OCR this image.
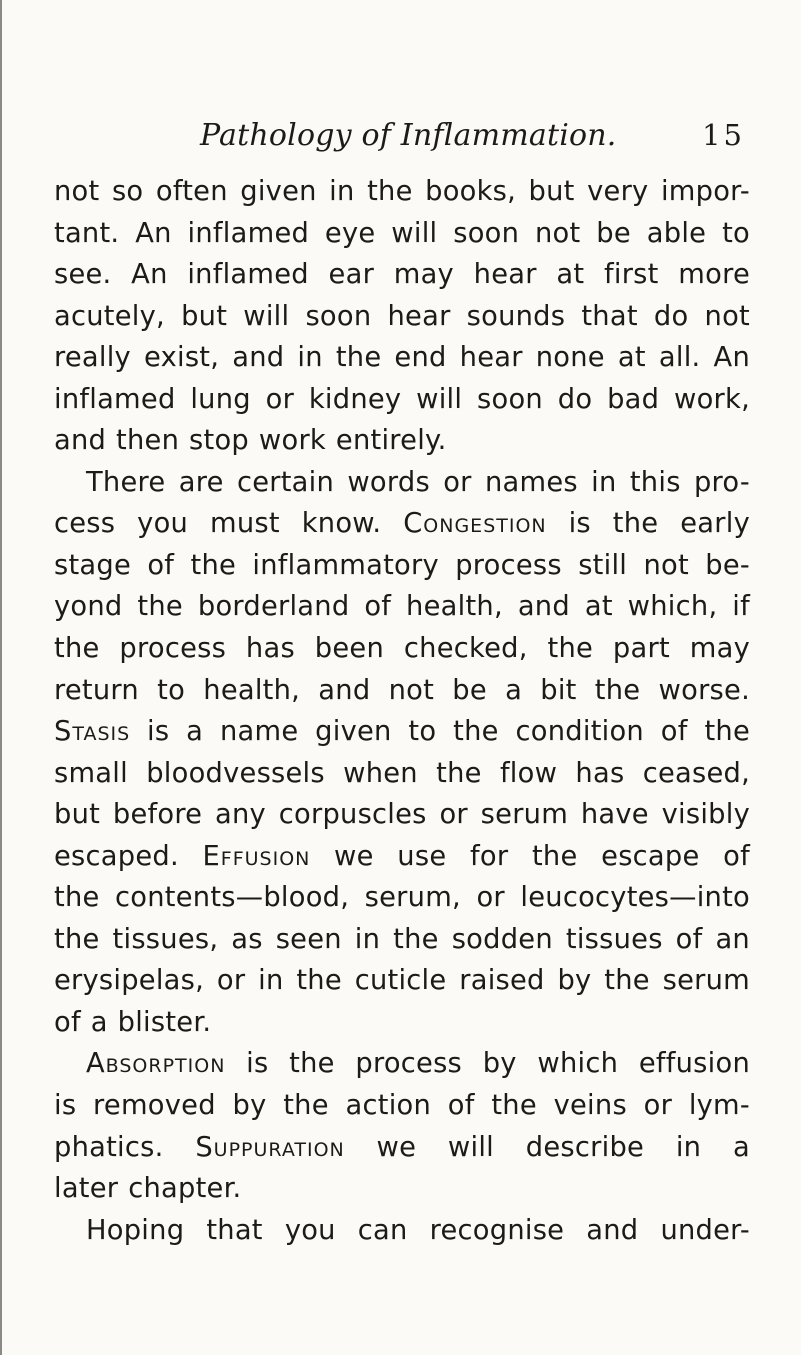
Pathology of Inflammation.	15
not so often given in the books, but very impor-
tant. An inflamed eye will soon not be able to
see. An inflamed ear may hear at first more
acutely, but will soon hear sounds that do not
really exist, and in the end hear none at all. An
inflamed lung or kidney will soon do bad work,
and then stop work entirely.
There are certain words or names in this pro-
cess you must know. Congestion is the early
stage of the inflammatory process still not be-
yond the borderland of health, and at which, if
the process has been checked, the part may
return to health, and not be a bit the worse.
Stasis is a name given to the condition of the
small bloodvessels when the flow has ceased,
but before any corpuscles or serum have visibly
escaped. Effusion we use for the escape of
the contents—blood, serum, or leucocytes—into
the tissues, as seen in the sodden tissues of an
erysipelas, or in the cuticle raised by the serum
of a blister.
Absorption is the process by which effusion
is removed by the action of the veins or lym-
phatics. Suppuration we will describe in a
later chapter.
Hoping that you can recognise and under-
